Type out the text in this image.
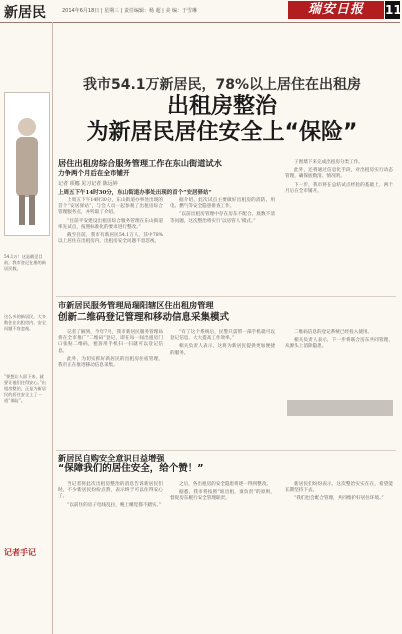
新居民	2014年6月18日 | 星期三 | 责任编辑：杨 超 | 美 编：于雪琳	瑞安日报	11
54.1万！这是截至目前，我市登记在册的新居民数。
这么多的新居民，大多数住在出租房内，安全问题不容忽视。
“要想让人留下来，就要让他们住得安心。”出租房整治，正是为新居民的居住安全上了一道“保险”。
记者手记
我市54.1万新居民，78%以上居住在出租房
出租房整治
为新居民居住安全上“保险”
居住出租房综合服务管理工作在东山街道试水
力争两个月后在全市铺开
记者 项娜 见习记者 陈远婷
上周五下午14时30分，东山街道办事处出现的首个“安居驿站”

上周五下午14时30分，东山街道办事处出现的首个“安居驿站”，与会人员一起参观了出租房综合管理服务点，并听取了介绍。

“目前平安建设出租房综合服务管理在东山街道率先试点，按照标准化的要求进行整改。”

截至目前，我市有新居民54.1万人，其中78%以上居住在出租房内，出租房安全问题不容忽视。

据介绍，此次试点主要做好出租房的消防、用电、燃气等安全隐患排查工作。

“以前出租房管理中存在房东不配合、底数不清等问题，这次整治将实行‘以房管人’模式。”

子围墙下来完成出租房分类工作。

此外，还将通过信息化手段，对出租房实行动态管理，确保底数清、情况明。

下一步，我市将在总结试点经验的基础上，两个月后在全市铺开。

市新居民服务管理局瑞阳辖区住出租房管理
创新二维码登记管理和移动信息采集模式

记者了解到，今年7月，我市新居民服务管理局将在全市推广“二维码”登记，即在每一间出租房门口张贴二维码，租客用手机扫一扫就可以登记信息。

此外，为切实抓好新居民的出租房住宿管理，我市正在推进移动信息采集。

“有了这个系统后，民警只需带一部手机就可以登记信息，大大提高工作效率。”

相关负责人表示，这将为新居民提供更加便捷的服务。

二维码信息的登记系统已经投入使用。

相关负责人表示，下一步将联合房东共同管理，从源头上消除隐患。

新居民自购安全意识日益增强
“保障我们的居住安全，给个赞！”

当记者将此次出租房整治的消息告诉新居民们时，不少新居民纷纷点赞，表示终于可以住得安心了。

“以前住的房子电线乱拉，晚上睡觉都不踏实。”

之后，各出租房的安全隐患将逐一得到整改。

据悉，我市将按照“谁出租、谁负责”的原则，督促房东履行安全管理职责。

新居民们纷纷表示，这次整治实实在在，希望能长期坚持下去。

“我们也会配合管理，共同维护好居住环境。”
